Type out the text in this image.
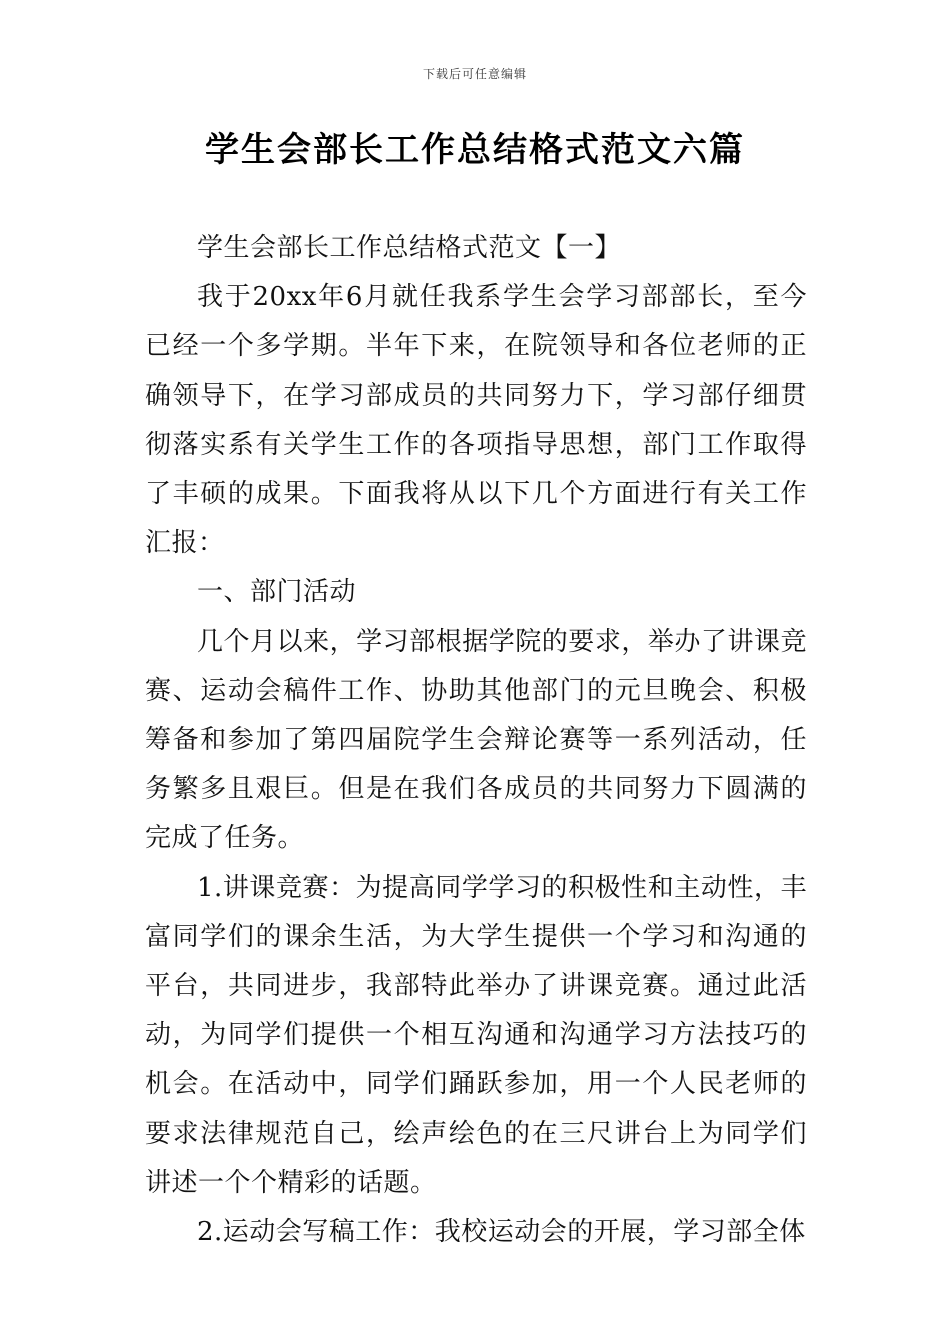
下载后可任意编辑
学生会部长工作总结格式范文六篇

学生会部长工作总结格式范文【一】

我于20xx年6月就任我系学生会学习部部长，至今已经一个多学期。半年下来，在院领导和各位老师的正确领导下，在学习部成员的共同努力下，学习部仔细贯彻落实系有关学生工作的各项指导思想，部门工作取得了丰硕的成果。下面我将从以下几个方面进行有关工作汇报：

一、部门活动

几个月以来，学习部根据学院的要求，举办了讲课竞赛、运动会稿件工作、协助其他部门的元旦晚会、积极筹备和参加了第四届院学生会辩论赛等一系列活动，任务繁多且艰巨。但是在我们各成员的共同努力下圆满的完成了任务。

1.讲课竞赛：为提高同学学习的积极性和主动性，丰富同学们的课余生活，为大学生提供一个学习和沟通的平台，共同进步，我部特此举办了讲课竞赛。通过此活动，为同学们提供一个相互沟通和沟通学习方法技巧的机会。在活动中，同学们踊跃参加，用一个人民老师的要求法律规范自己，绘声绘色的在三尺讲台上为同学们讲述一个个精彩的话题。

2.运动会写稿工作：我校运动会的开展，学习部全体
